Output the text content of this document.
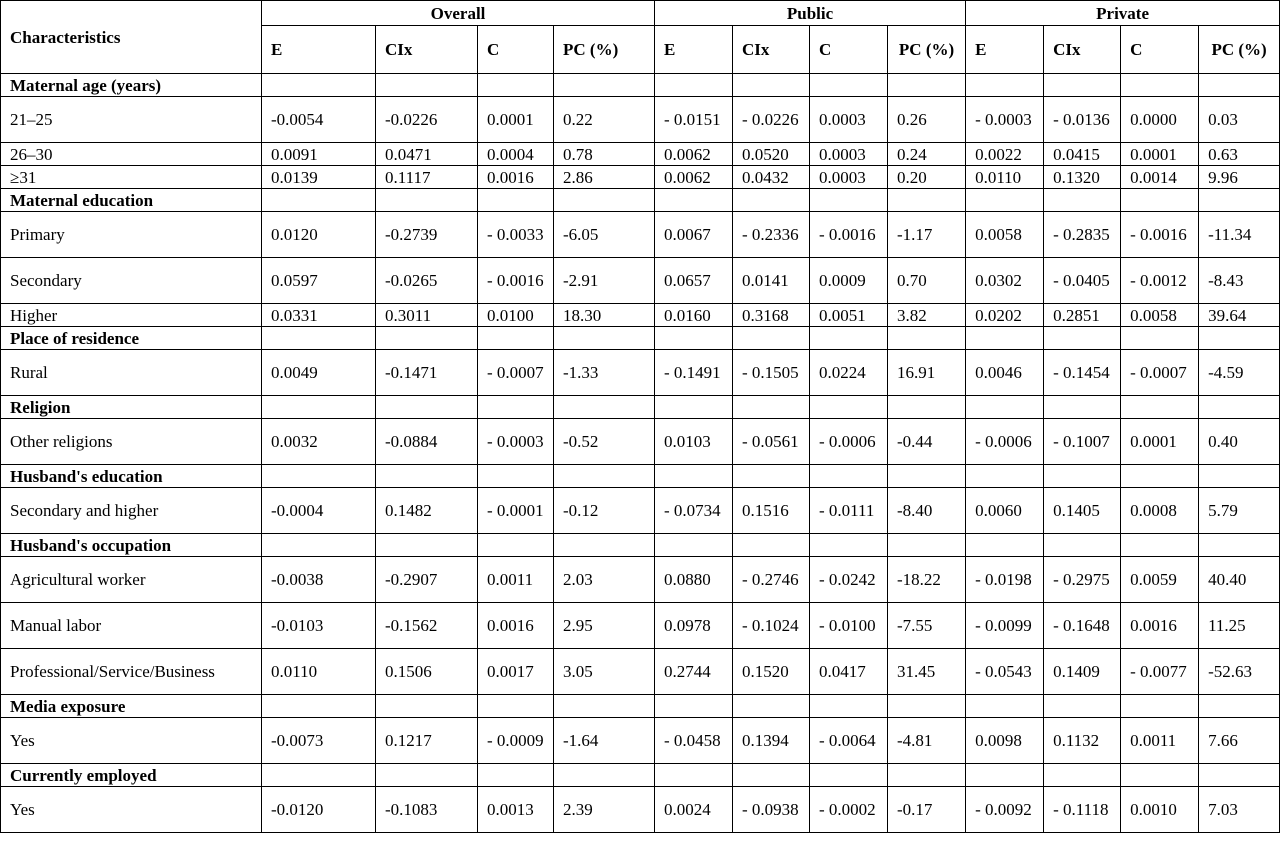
Characteristics	Overall				Public				Private			
	E	CIx	C	PC (%)	E	CIx	C	PC (%)	E	CIx	C	PC (%)
Maternal age (years)												
21–25	-0.0054	-0.0226	0.0001	0.22	- 0.0151	- 0.0226	0.0003	0.26	- 0.0003	- 0.0136	0.0000	0.03
26–30	0.0091	0.0471	0.0004	0.78	0.0062	0.0520	0.0003	0.24	0.0022	0.0415	0.0001	0.63
≥31	0.0139	0.1117	0.0016	2.86	0.0062	0.0432	0.0003	0.20	0.0110	0.1320	0.0014	9.96
Maternal education												
Primary	0.0120	-0.2739	- 0.0033	-6.05	0.0067	- 0.2336	- 0.0016	-1.17	0.0058	- 0.2835	- 0.0016	-11.34
Secondary	0.0597	-0.0265	- 0.0016	-2.91	0.0657	0.0141	0.0009	0.70	0.0302	- 0.0405	- 0.0012	-8.43
Higher	0.0331	0.3011	0.0100	18.30	0.0160	0.3168	0.0051	3.82	0.0202	0.2851	0.0058	39.64
Place of residence												
Rural	0.0049	-0.1471	- 0.0007	-1.33	- 0.1491	- 0.1505	0.0224	16.91	0.0046	- 0.1454	- 0.0007	-4.59
Religion												
Other religions	0.0032	-0.0884	- 0.0003	-0.52	0.0103	- 0.0561	- 0.0006	-0.44	- 0.0006	- 0.1007	0.0001	0.40
Husband's education												
Secondary and higher	-0.0004	0.1482	- 0.0001	-0.12	- 0.0734	0.1516	- 0.0111	-8.40	0.0060	0.1405	0.0008	5.79
Husband's occupation												
Agricultural worker	-0.0038	-0.2907	0.0011	2.03	0.0880	- 0.2746	- 0.0242	-18.22	- 0.0198	- 0.2975	0.0059	40.40
Manual labor	-0.0103	-0.1562	0.0016	2.95	0.0978	- 0.1024	- 0.0100	-7.55	- 0.0099	- 0.1648	0.0016	11.25
Professional/Service/Business	0.0110	0.1506	0.0017	3.05	0.2744	0.1520	0.0417	31.45	- 0.0543	0.1409	- 0.0077	-52.63
Media exposure												
Yes	-0.0073	0.1217	- 0.0009	-1.64	- 0.0458	0.1394	- 0.0064	-4.81	0.0098	0.1132	0.0011	7.66
Currently employed												
Yes	-0.0120	-0.1083	0.0013	2.39	0.0024	- 0.0938	- 0.0002	-0.17	- 0.0092	- 0.1118	0.0010	7.03
